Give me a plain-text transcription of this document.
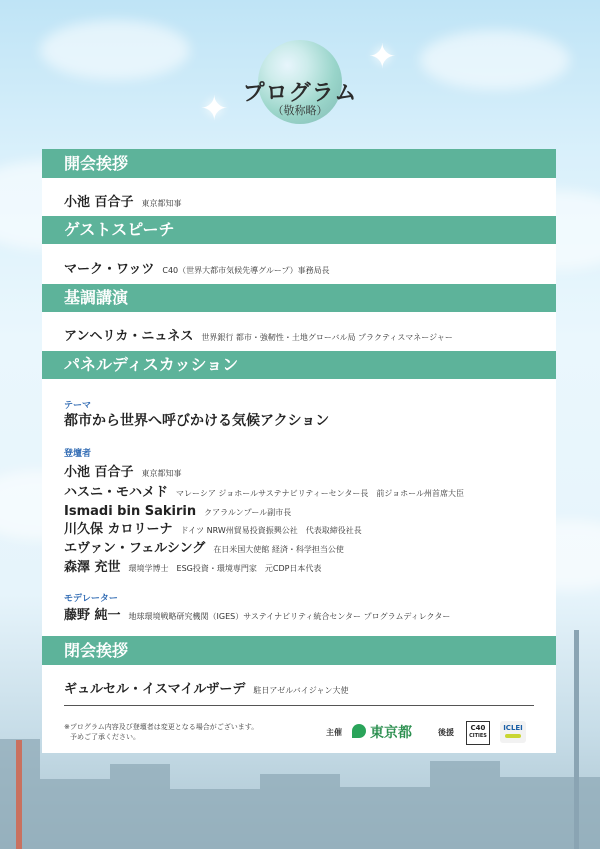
✦
✦ プログラム
（敬称略）
開会挨拶
小池 百合子 東京都知事
ゲストスピーチ
マーク・ワッツ C40（世界大都市気候先導グループ）事務局長
基調講演
アンヘリカ・ニュネス 世界銀行 都市・強靭性・土地グローバル局 プラクティスマネージャー
パネルディスカッション
テーマ
都市から世界へ呼びかける気候アクション
登壇者
小池 百合子 東京都知事
ハスニ・モハメド マレーシア ジョホールサステナビリティーセンター長　前ジョホール州首席大臣
Ismadi bin Sakirin クアラルンプール副市長
川久保 カロリーナ ドイツ NRW州貿易投資振興公社　代表取締役社長
エヴァン・フェルシング 在日米国大使館 経済・科学担当公使
森澤 充世 環境学博士　ESG投資・環境専門家　元CDP日本代表
モデレーター
藤野 純一 地球環境戦略研究機関（IGES）サステイナビリティ統合センター プログラムディレクター
閉会挨拶
ギュルセル・イスマイルザーデ 駐日アゼルバイジャン大使
※プログラム内容及び登壇者は変更となる場合がございます。
予めご了承ください。	主催 東京都	後援	C40
CITIES
ICLEI
